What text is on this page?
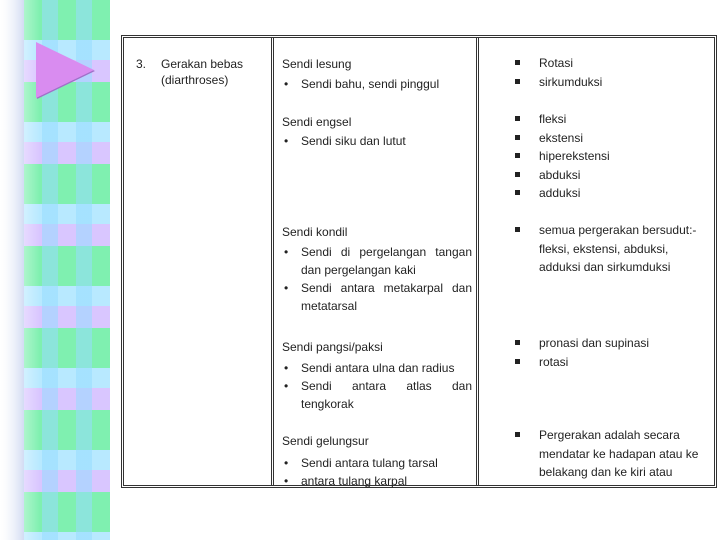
3. Gerakan bebas (diarthroses)
Sendi lesung
• Sendi bahu, sendi pinggul
Sendi engsel
• Sendi siku dan lutut
Sendi kondil
• Sendi di pergelangan tangan dan pergelangan kaki
• Sendi antara metakarpal dan metatarsal
Sendi pangsi/paksi
• Sendi antara ulna dan radius
• Sendi antara atlas dan tengkorak
Sendi gelungsur
• Sendi antara tulang tarsal
• antara tulang karpal
Rotasi
sirkumduksi
fleksi
ekstensi
hiperekstensi
abduksi
adduksi
semua pergerakan bersudut:- fleksi, ekstensi, abduksi, adduksi dan sirkumduksi
pronasi dan supinasi
rotasi
Pergerakan adalah secara mendatar ke hadapan atau ke belakang dan ke kiri atau
